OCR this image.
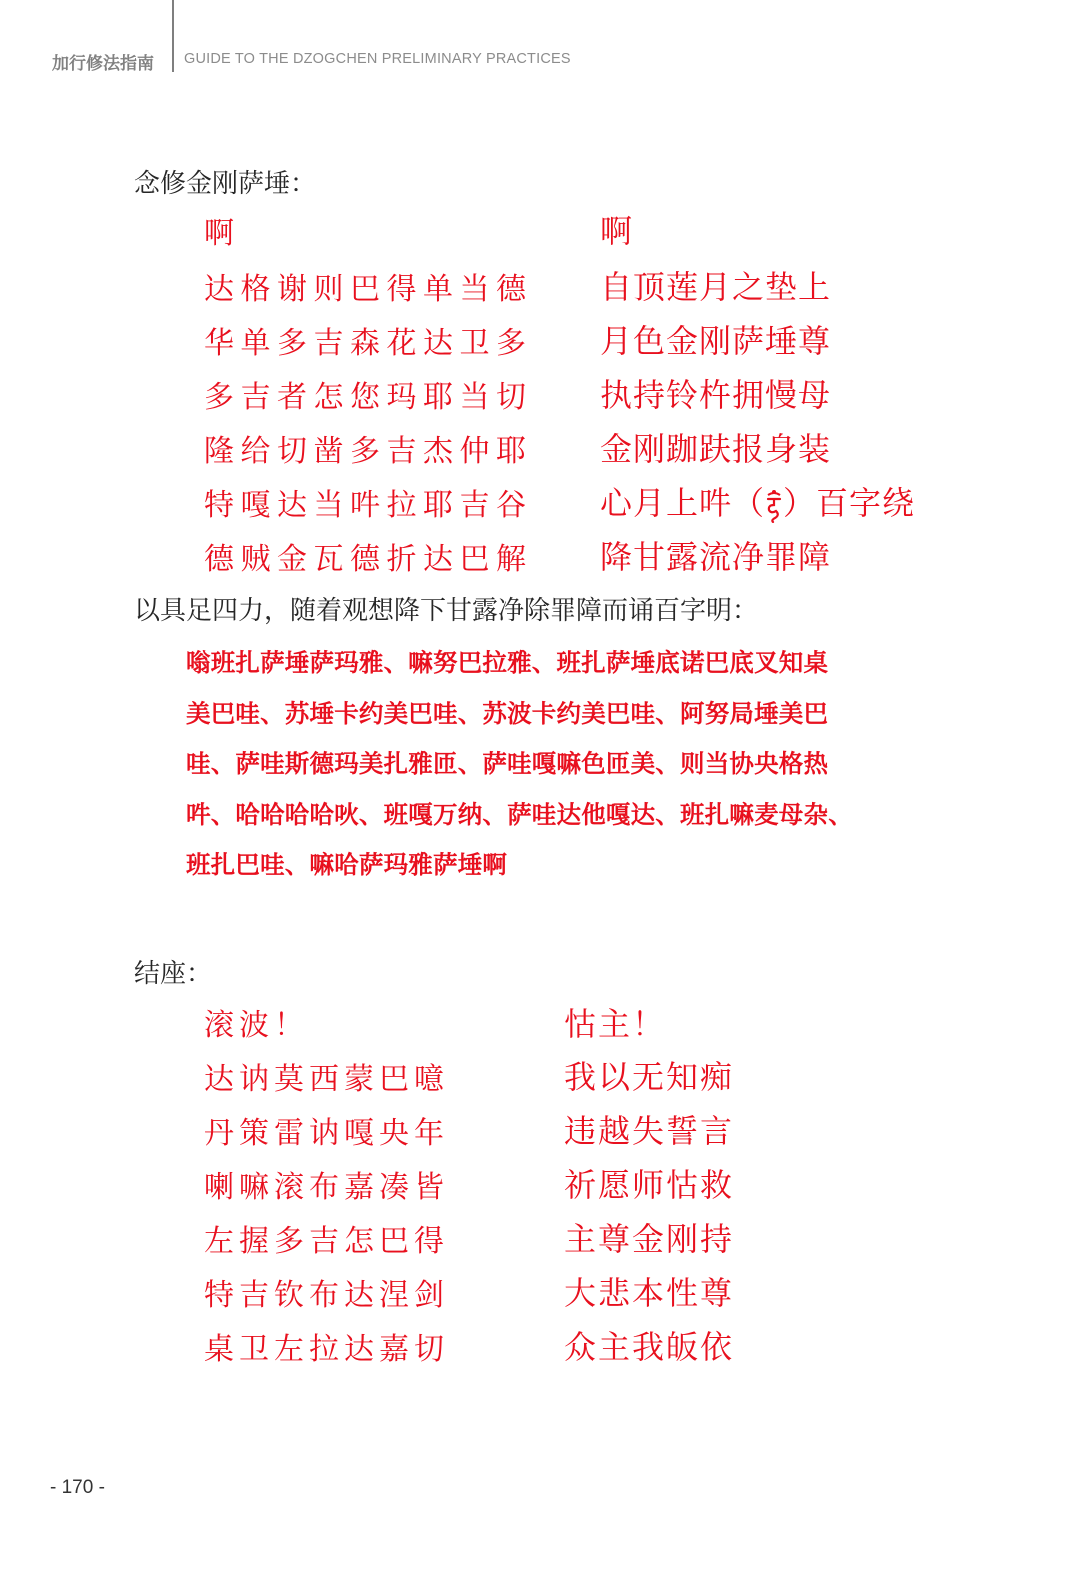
加行修法指南 GUIDE TO THE DZOGCHEN PRELIMINARY PRACTICES
念修金刚萨埵：
啊
达格谢则巴得单当德
华单多吉森花达卫多
多吉者怎您玛耶当切
隆给切凿多吉杰仲耶
特嘎达当吽拉耶吉谷
德贼金瓦德折达巴解
啊
自顶莲月之垫上
月色金刚萨埵尊
执持铃杵拥慢母
金刚跏趺报身装
心月上吽（ ）百字绕
降甘露流净罪障
以具足四力，随着观想降下甘露净除罪障而诵百字明：
嗡班扎萨埵萨玛雅、嘛努巴拉雅、班扎萨埵底诺巴底叉知桌
美巴哇、苏埵卡约美巴哇、苏波卡约美巴哇、阿努局埵美巴
哇、萨哇斯德玛美扎雅匝、萨哇嘎嘛色匝美、则当协央格热
吽、哈哈哈哈吙、班嘎万纳、萨哇达他嘎达、班扎嘛麦母杂、
班扎巴哇、嘛哈萨玛雅萨埵啊
结座：
滚波！
达讷莫西蒙巴噫
丹策雷讷嘎央年
喇嘛滚布嘉凑皆
左握多吉怎巴得
特吉钦布达涅剑
桌卫左拉达嘉切
怙主！
我以无知痴
违越失誓言
祈愿师怙救
主尊金刚持
大悲本性尊
众主我皈依
- 170 -
